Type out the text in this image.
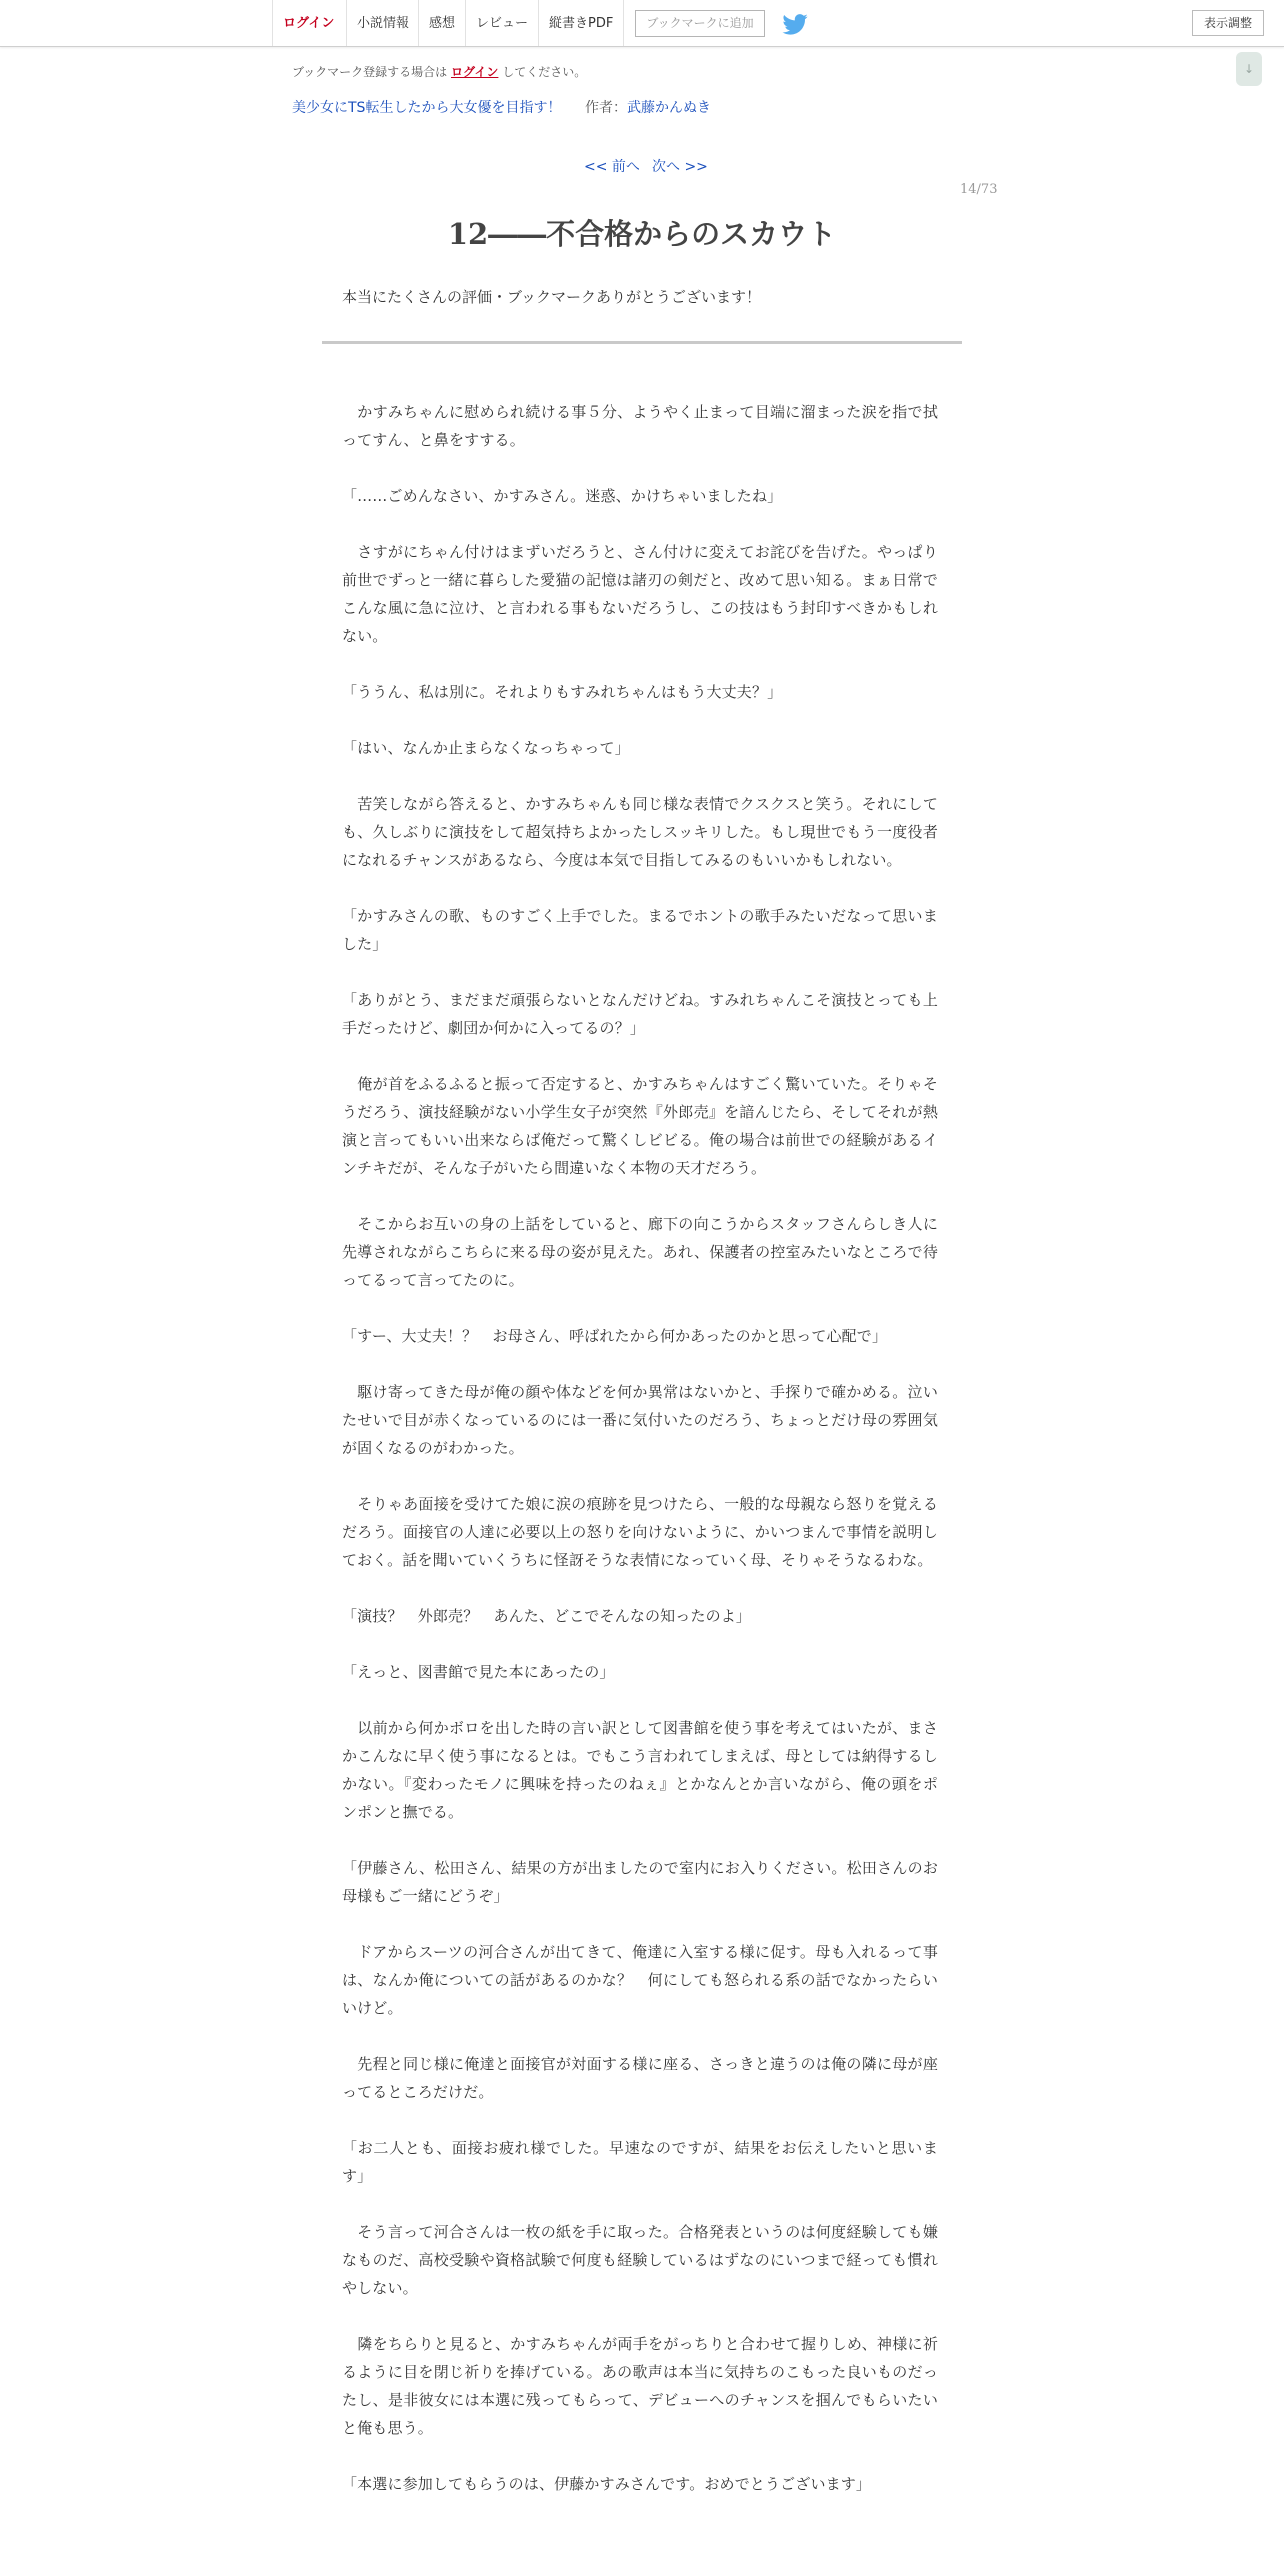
ログイン	小説情報	感想	レビュー	縦書きPDF	ブックマークに追加	表示調整
↓
ブックマーク登録する場合は ログイン してください。
美少女にTS転生したから大女優を目指す！ 作者：武藤かんぬき
<< 前へ 次へ >>
14/73
12――不合格からのスカウト
本当にたくさんの評価・ブックマークありがとうございます！

　かすみちゃんに慰められ続ける事５分、ようやく止まって目端に溜まった涙を指で拭ってすん、と鼻をすする。

「……ごめんなさい、かすみさん。迷惑、かけちゃいましたね」

　さすがにちゃん付けはまずいだろうと、さん付けに変えてお詫びを告げた。やっぱり前世でずっと一緒に暮らした愛猫の記憶は諸刃の剣だと、改めて思い知る。まぁ日常でこんな風に急に泣け、と言われる事もないだろうし、この技はもう封印すべきかもしれない。

「ううん、私は別に。それよりもすみれちゃんはもう大丈夫？」

「はい、なんか止まらなくなっちゃって」

　苦笑しながら答えると、かすみちゃんも同じ様な表情でクスクスと笑う。それにしても、久しぶりに演技をして超気持ちよかったしスッキリした。もし現世でもう一度役者になれるチャンスがあるなら、今度は本気で目指してみるのもいいかもしれない。

「かすみさんの歌、ものすごく上手でした。まるでホントの歌手みたいだなって思いました」

「ありがとう、まだまだ頑張らないとなんだけどね。すみれちゃんこそ演技とっても上手だったけど、劇団か何かに入ってるの？」

　俺が首をふるふると振って否定すると、かすみちゃんはすごく驚いていた。そりゃそうだろう、演技経験がない小学生女子が突然『外郎売』を諳んじたら、そしてそれが熱演と言ってもいい出来ならば俺だって驚くしビビる。俺の場合は前世での経験があるインチキだが、そんな子がいたら間違いなく本物の天才だろう。

　そこからお互いの身の上話をしていると、廊下の向こうからスタッフさんらしき人に先導されながらこちらに来る母の姿が見えた。あれ、保護者の控室みたいなところで待ってるって言ってたのに。

「すー、大丈夫！？　お母さん、呼ばれたから何かあったのかと思って心配で」

　駆け寄ってきた母が俺の顔や体などを何か異常はないかと、手探りで確かめる。泣いたせいで目が赤くなっているのには一番に気付いたのだろう、ちょっとだけ母の雰囲気が固くなるのがわかった。

　そりゃあ面接を受けてた娘に涙の痕跡を見つけたら、一般的な母親なら怒りを覚えるだろう。面接官の人達に必要以上の怒りを向けないように、かいつまんで事情を説明しておく。話を聞いていくうちに怪訝そうな表情になっていく母、そりゃそうなるわな。

「演技？　外郎売？　あんた、どこでそんなの知ったのよ」

「えっと、図書館で見た本にあったの」

　以前から何かボロを出した時の言い訳として図書館を使う事を考えてはいたが、まさかこんなに早く使う事になるとは。でもこう言われてしまえば、母としては納得するしかない。『変わったモノに興味を持ったのねぇ』とかなんとか言いながら、俺の頭をポンポンと撫でる。

「伊藤さん、松田さん、結果の方が出ましたので室内にお入りください。松田さんのお母様もご一緒にどうぞ」

　ドアからスーツの河合さんが出てきて、俺達に入室する様に促す。母も入れるって事は、なんか俺についての話があるのかな？　何にしても怒られる系の話でなかったらいいけど。

　先程と同じ様に俺達と面接官が対面する様に座る、さっきと違うのは俺の隣に母が座ってるところだけだ。

「お二人とも、面接お疲れ様でした。早速なのですが、結果をお伝えしたいと思います」

　そう言って河合さんは一枚の紙を手に取った。合格発表というのは何度経験しても嫌なものだ、高校受験や資格試験で何度も経験しているはずなのにいつまで経っても慣れやしない。

　隣をちらりと見ると、かすみちゃんが両手をがっちりと合わせて握りしめ、神様に祈るように目を閉じ祈りを捧げている。あの歌声は本当に気持ちのこもった良いものだったし、是非彼女には本選に残ってもらって、デビューへのチャンスを掴んでもらいたいと俺も思う。

「本選に参加してもらうのは、伊藤かすみさんです。おめでとうございます」
